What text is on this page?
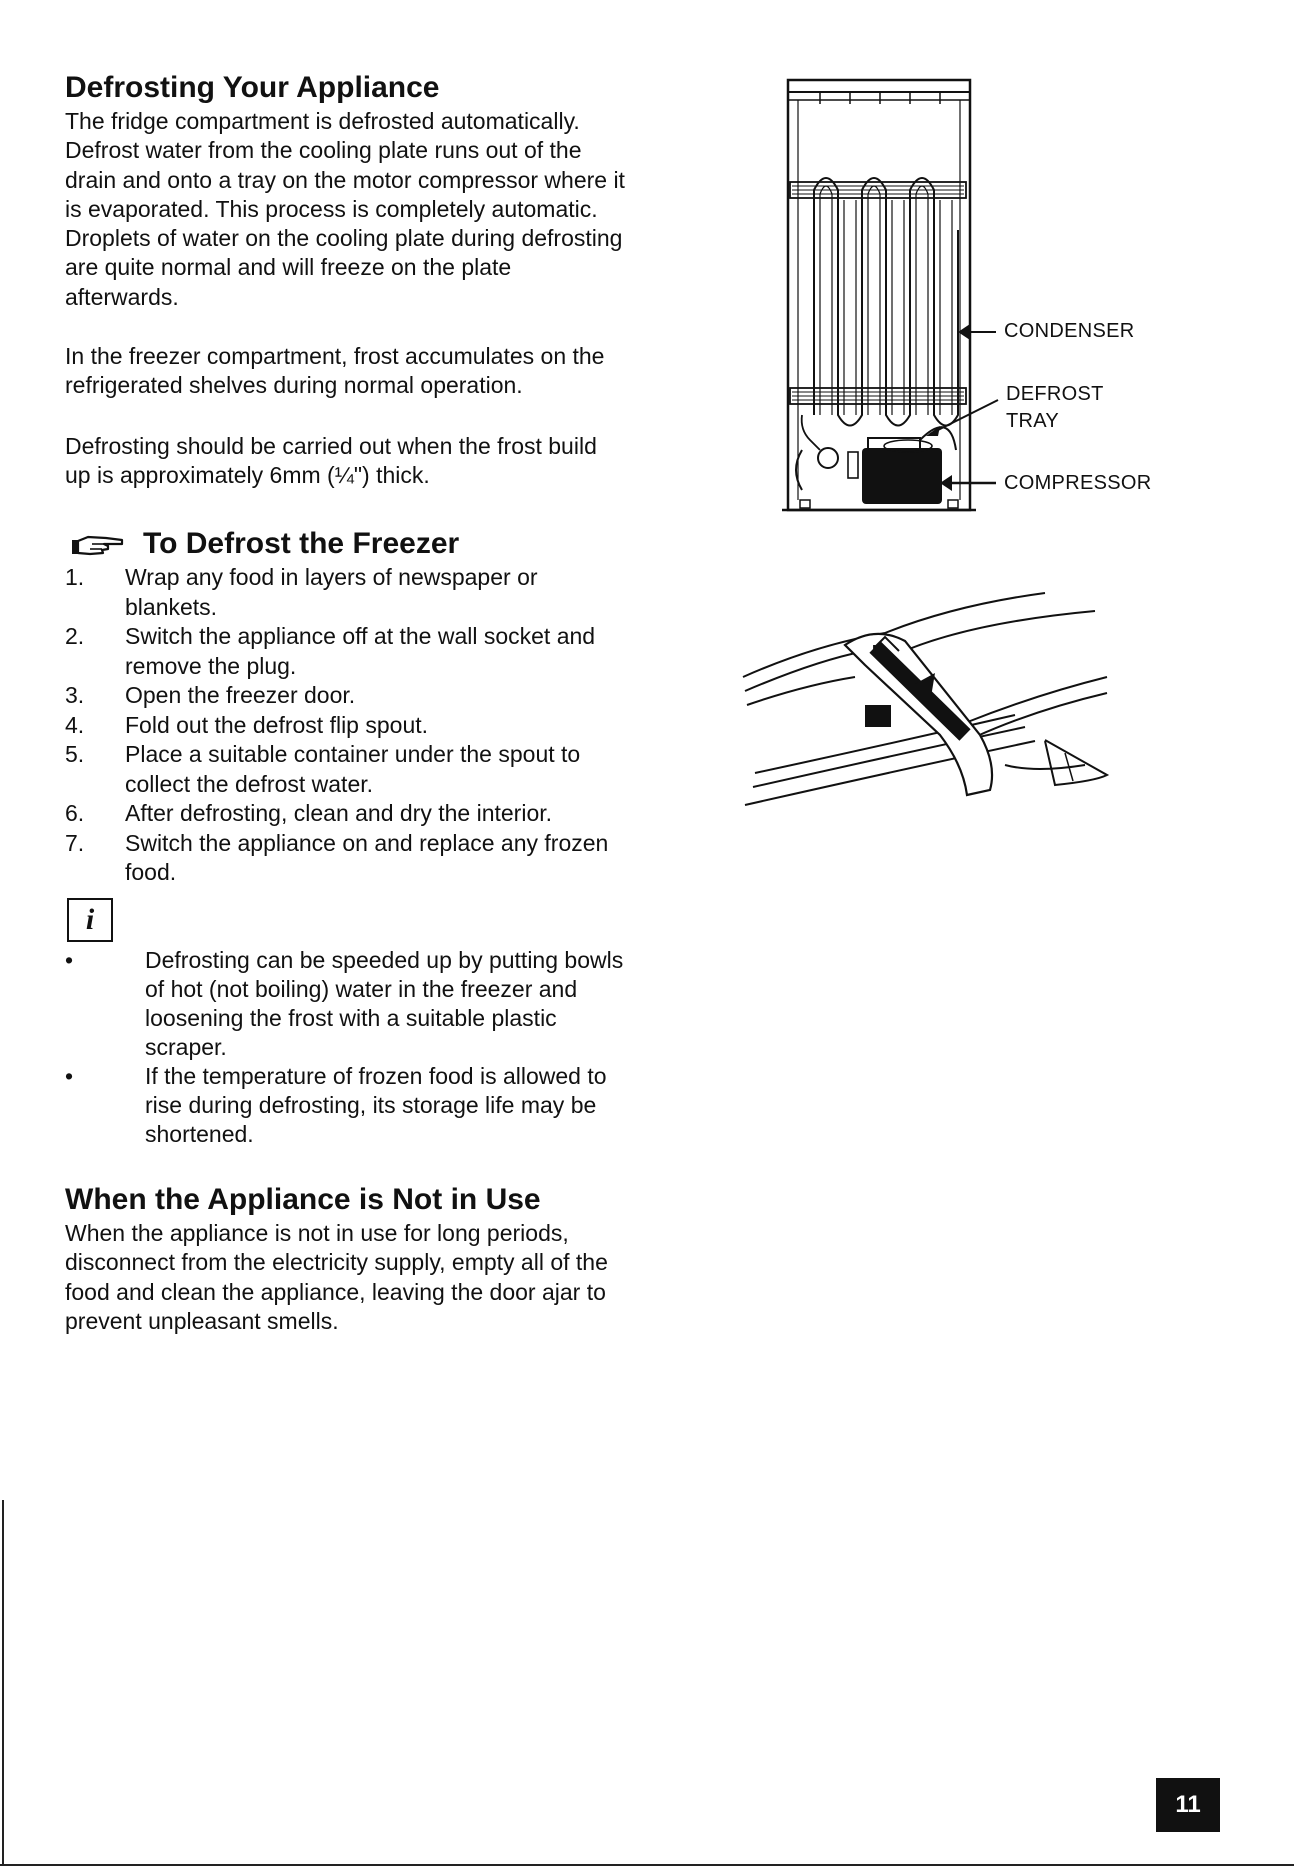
Defrosting Your Appliance

The fridge compartment is defrosted automatically. Defrost water from the cooling plate runs out of the drain and onto a tray on the motor compressor where it is evaporated. This process is completely automatic. Droplets of water on the cooling plate during defrosting are quite normal and will freeze on the plate afterwards.

In the freezer compartment, frost accumulates on the refrigerated shelves during normal operation.

Defrosting should be carried out when the frost build up is approximately 6mm (¼") thick.

To Defrost the Freezer
1. Wrap any food in layers of newspaper or blankets.
2. Switch the appliance off at the wall socket and remove the plug.
3. Open the freezer door.
4. Fold out the defrost flip spout.
5. Place a suitable container under the spout to collect the defrost water.
6. After defrosting, clean and dry the interior.
7. Switch the appliance on and replace any frozen food.
i
•	Defrosting can be speeded up by putting bowls of hot (not boiling) water in the freezer and loosening the frost with a suitable plastic scraper.
•	If the temperature of frozen food is allowed to rise during defrosting, its storage life may be shortened.
When the Appliance is Not in Use

When the appliance is not in use for long periods, disconnect from the electricity supply, empty all of the food and clean the appliance, leaving the door ajar to prevent unpleasant smells.

CONDENSER
DEFROST
TRAY
COMPRESSOR
I
11
